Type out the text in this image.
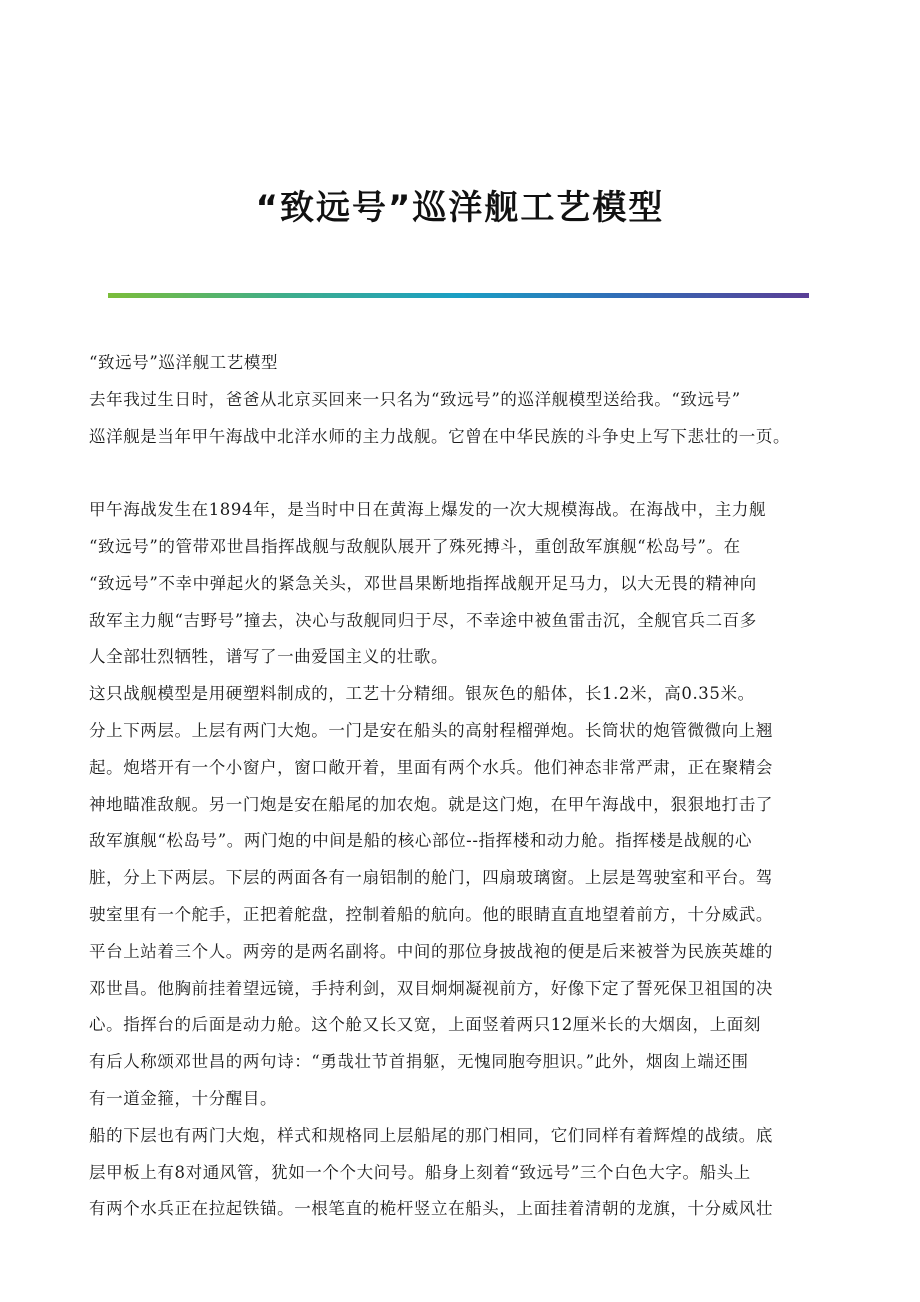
“致远号”巡洋舰工艺模型
“致远号”巡洋舰工艺模型
去年我过生日时，爸爸从北京买回来一只名为“致远号”的巡洋舰模型送给我。“致远号”
巡洋舰是当年甲午海战中北洋水师的主力战舰。它曾在中华民族的斗争史上写下悲壮的一页。
甲午海战发生在1894年，是当时中日在黄海上爆发的一次大规模海战。在海战中，主力舰
“致远号”的管带邓世昌指挥战舰与敌舰队展开了殊死搏斗，重创敌军旗舰“松岛号”。在
“致远号”不幸中弹起火的紧急关头，邓世昌果断地指挥战舰开足马力，以大无畏的精神向
敌军主力舰“吉野号”撞去，决心与敌舰同归于尽，不幸途中被鱼雷击沉，全舰官兵二百多
人全部壮烈牺牲，谱写了一曲爱国主义的壮歌。
这只战舰模型是用硬塑料制成的，工艺十分精细。银灰色的船体，长1.2米，高0.35米。
分上下两层。上层有两门大炮。一门是安在船头的高射程榴弹炮。长筒状的炮管微微向上翘
起。炮塔开有一个小窗户，窗口敞开着，里面有两个水兵。他们神态非常严肃，正在聚精会
神地瞄准敌舰。另一门炮是安在船尾的加农炮。就是这门炮，在甲午海战中，狠狠地打击了
敌军旗舰“松岛号”。两门炮的中间是船的核心部位--指挥楼和动力舱。指挥楼是战舰的心
脏，分上下两层。下层的两面各有一扇铝制的舱门，四扇玻璃窗。上层是驾驶室和平台。驾
驶室里有一个舵手，正把着舵盘，控制着船的航向。他的眼睛直直地望着前方，十分威武。
平台上站着三个人。两旁的是两名副将。中间的那位身披战袍的便是后来被誉为民族英雄的
邓世昌。他胸前挂着望远镜，手持利剑，双目炯炯凝视前方，好像下定了誓死保卫祖国的决
心。指挥台的后面是动力舱。这个舱又长又宽，上面竖着两只12厘米长的大烟囱，上面刻
有后人称颂邓世昌的两句诗：“勇哉壮节首捐躯，无愧同胞夸胆识。”此外，烟囱上端还围
有一道金箍，十分醒目。
船的下层也有两门大炮，样式和规格同上层船尾的那门相同，它们同样有着辉煌的战绩。底
层甲板上有8对通风管，犹如一个个大问号。船身上刻着“致远号”三个白色大字。船头上
有两个水兵正在拉起铁锚。一根笔直的桅杆竖立在船头，上面挂着清朝的龙旗，十分威风壮
